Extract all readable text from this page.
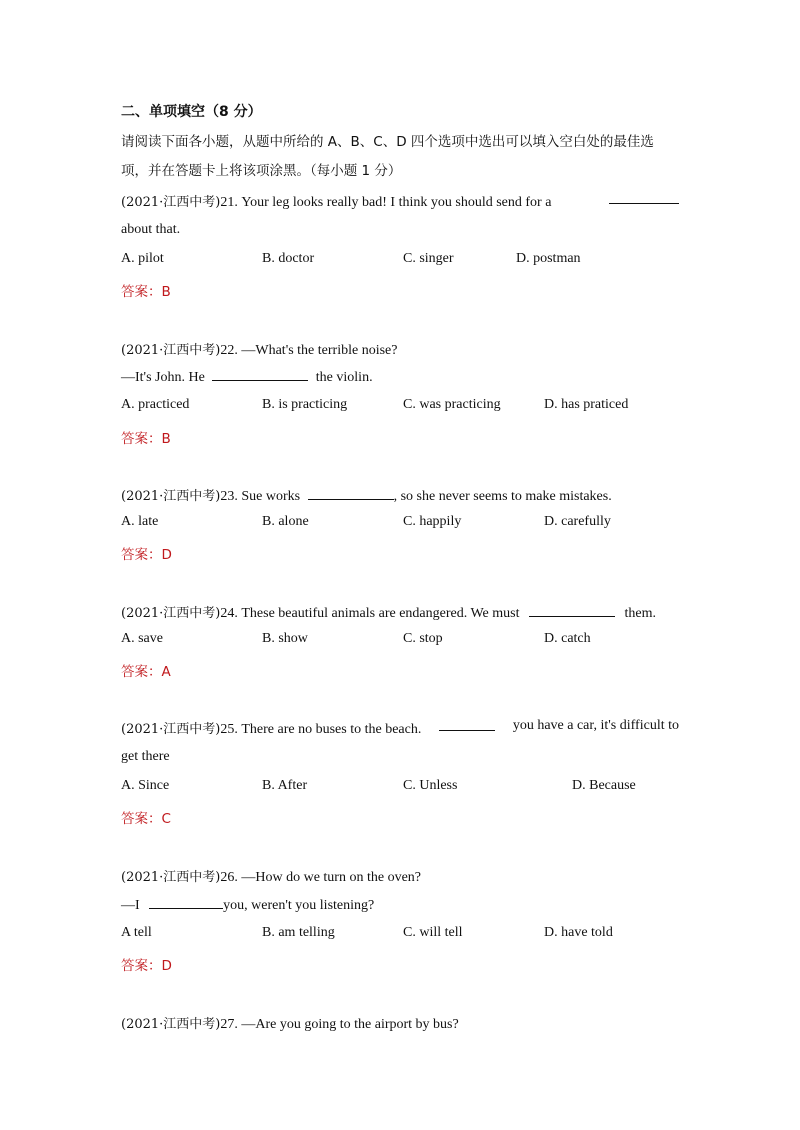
二、单项填空（8 分）
请阅读下面各小题，从题中所给的 A、B、C、D 四个选项中选出可以填入空白处的最佳选
项，并在答题卡上将该项涂黑。（每小题 1 分）
(2021·江西中考)21. Your leg looks really bad! I think you should send for a
about that.
A. pilot	B. doctor	C. singer	D. postman
答案：B
(2021·江西中考)22. —What's the terrible noise?
—It's John. He	the violin.
A. practiced	B. is practicing	C. was practicing	D. has praticed
答案：B
(2021·江西中考)23. Sue works	, so she never seems to make mistakes.
A. late	B. alone	C. happily	D. carefully
答案：D
(2021·江西中考)24. These beautiful animals are endangered. We must	them.
A. save	B. show	C. stop	D. catch
答案：A
(2021·江西中考)25. There are no buses to the beach.	you have a car, it's difficult to
get there
A. Since	B. After	C. Unless	D. Because
答案：C
(2021·江西中考)26. —How do we turn on the oven?
—I	you, weren't you listening?
A tell	B. am telling	C. will tell	D. have told
答案：D
(2021·江西中考)27. —Are you going to the airport by bus?
